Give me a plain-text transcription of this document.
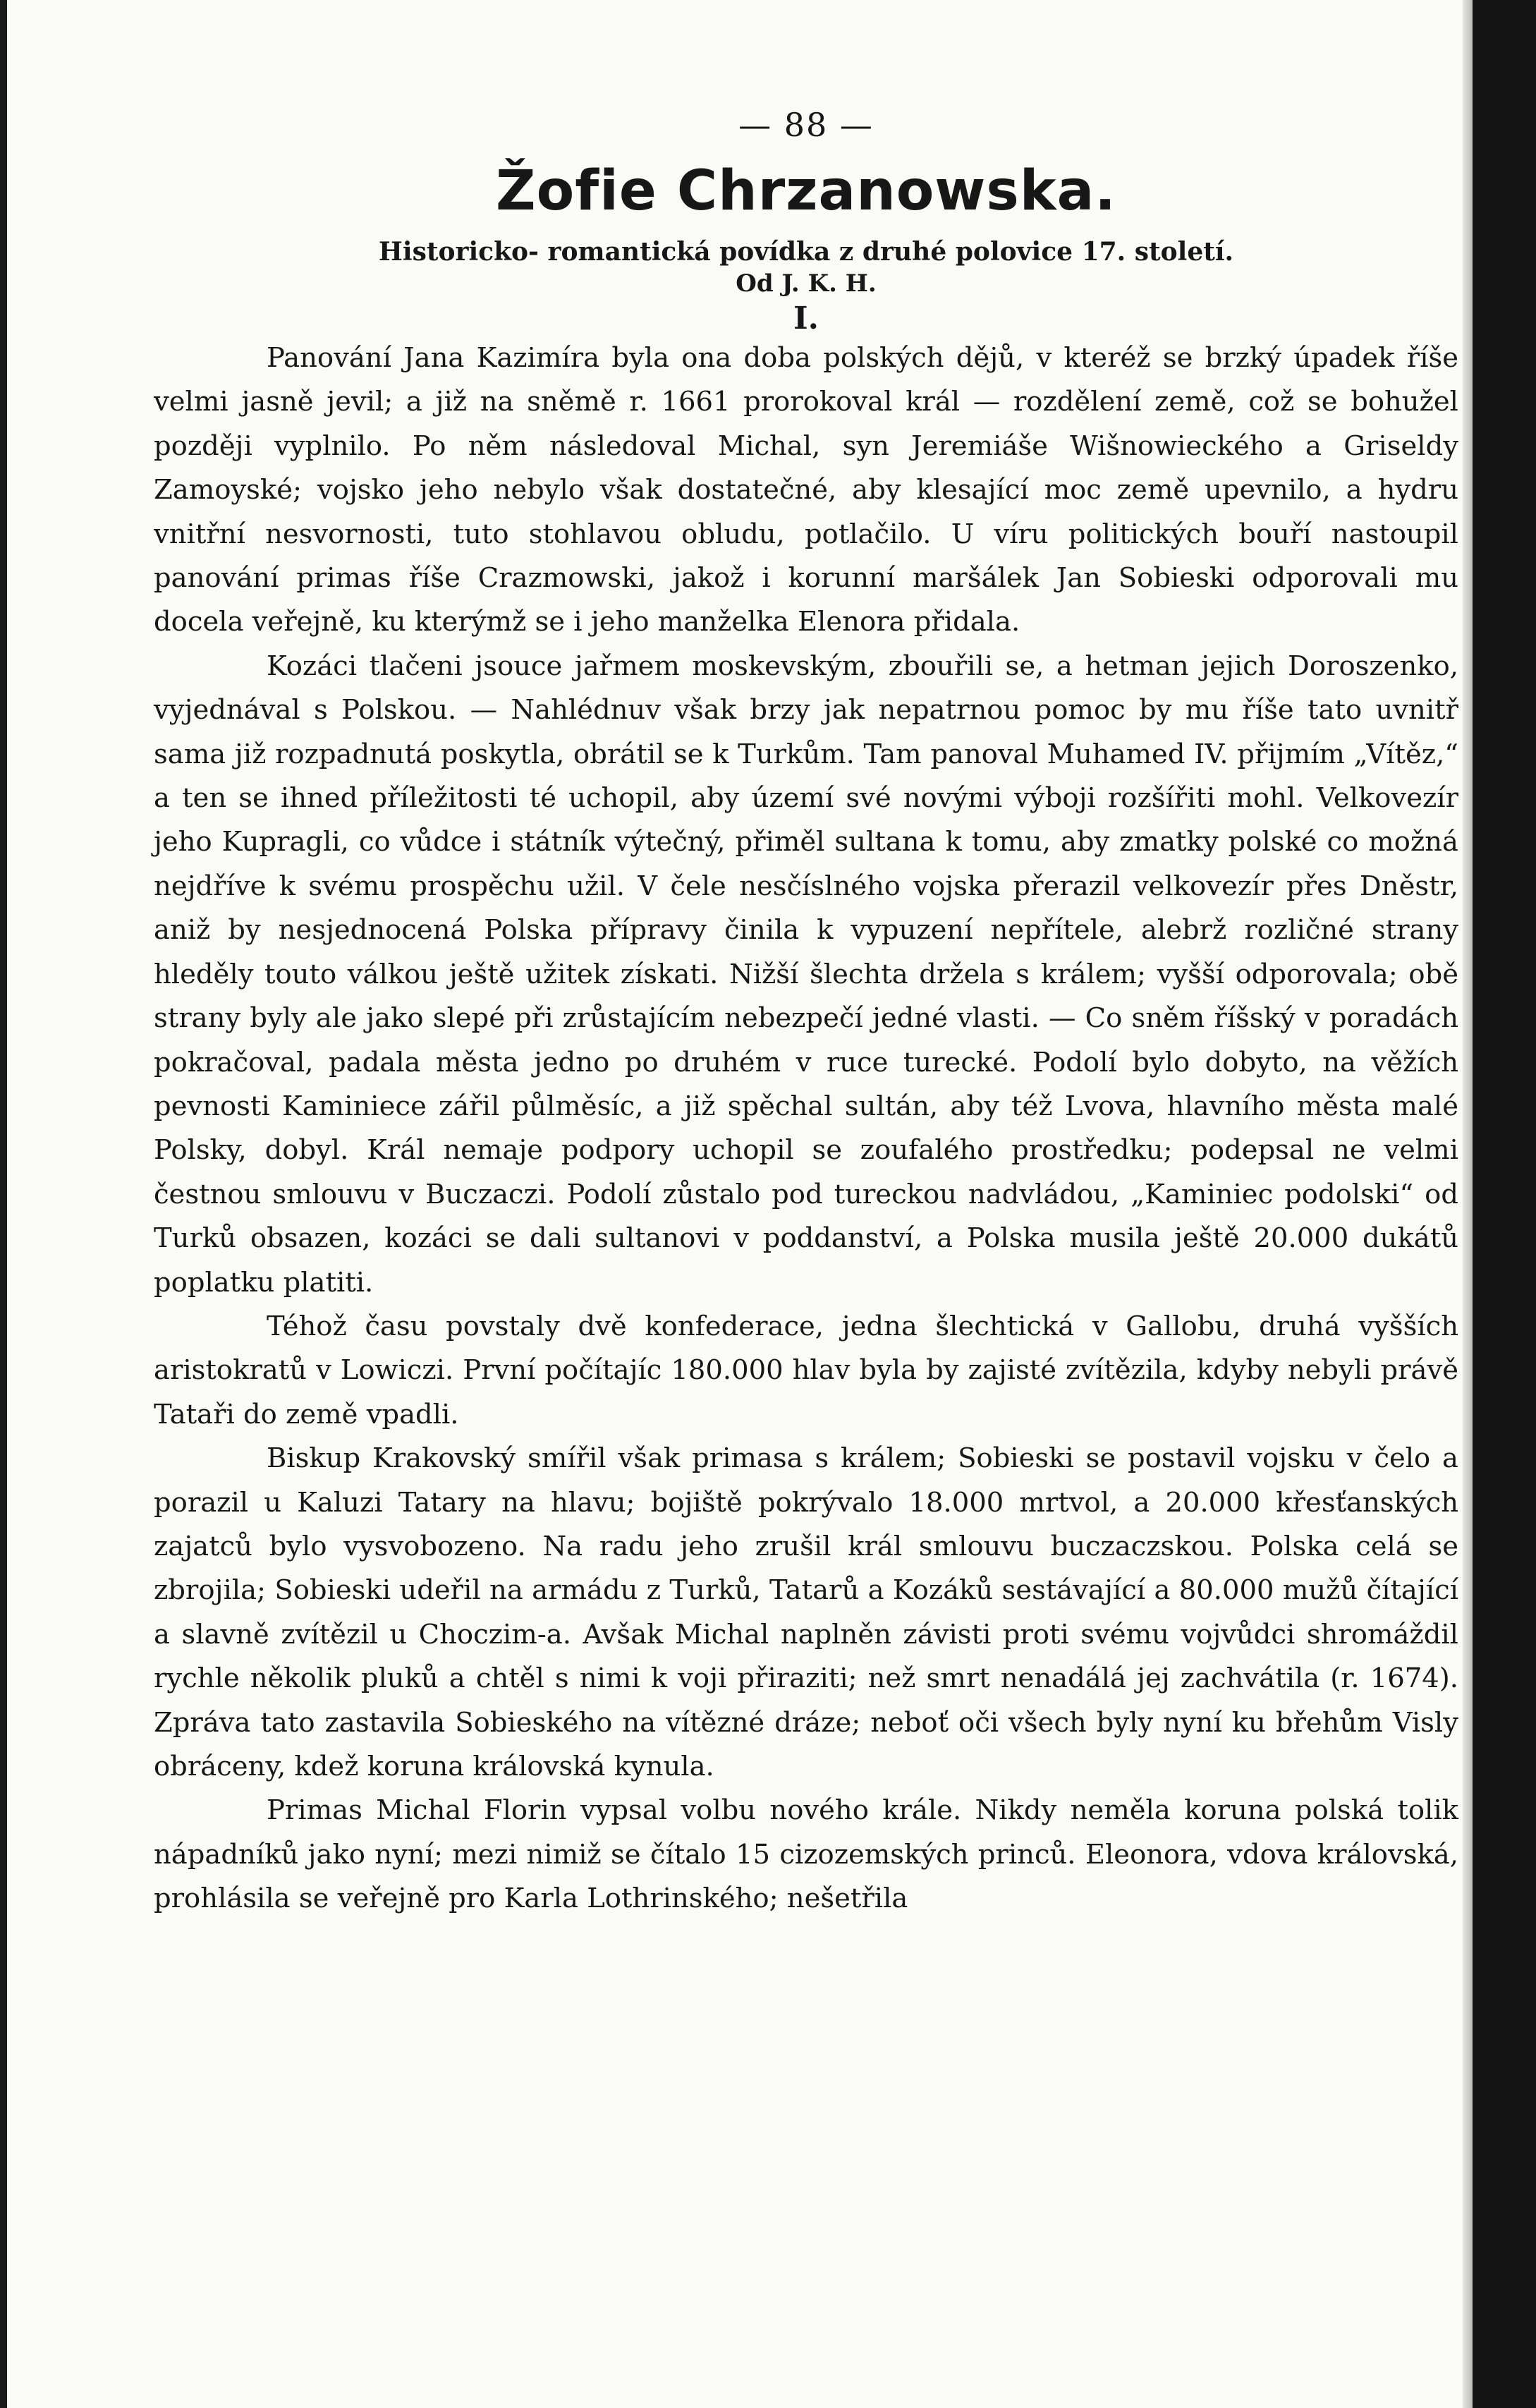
— 88 —
Žofie Chrzanowska.
Historicko- romantická povídka z druhé polovice 17. století.
Od J. K. H.
I.

Panování Jana Kazimíra byla ona doba polských dějů, v kteréž se brzký úpadek říše velmi jasně jevil; a již na sněmě r. 1661 prorokoval král — rozdělení země, což se bohužel později vyplnilo. Po něm následoval Michal, syn Jeremiáše Wišnowieckého a Griseldy Zamoyské; vojsko jeho nebylo však dostatečné, aby klesající moc země upevnilo, a hydru vnitřní nesvornosti, tuto stohlavou obludu, potlačilo. U víru politických bouří nastoupil panování primas říše Crazmowski, jakož i korunní maršálek Jan Sobieski odporovali mu docela veřejně, ku kterýmž se i jeho manželka Elenora přidala.

Kozáci tlačeni jsouce jařmem moskevským, zbouřili se, a hetman jejich Doroszenko, vyjednával s Polskou. — Nahlédnuv však brzy jak nepatrnou pomoc by mu říše tato uvnitř sama již rozpadnutá poskytla, obrátil se k Turkům. Tam panoval Muhamed IV. přijmím „Vítěz,“ a ten se ihned příležitosti té uchopil, aby území své novými výboji rozšířiti mohl. Velkovezír jeho Kupragli, co vůdce i státník výtečný, přiměl sultana k tomu, aby zmatky polské co možná nejdříve k svému prospěchu užil. V čele nesčíslného vojska přerazil velkovezír přes Dněstr, aniž by nesjednocená Polska přípravy činila k vypuzení nepřítele, alebrž rozličné strany hleděly touto válkou ještě užitek získati. Nižší šlechta držela s králem; vyšší odporovala; obě strany byly ale jako slepé při zrůstajícím nebezpečí jedné vlasti. — Co sněm říšský v poradách pokračoval, padala města jedno po druhém v ruce turecké. Podolí bylo dobyto, na věžích pevnosti Kaminiece zářil půlměsíc, a již spěchal sultán, aby též Lvova, hlavního města malé Polsky, dobyl. Král nemaje podpory uchopil se zoufalého prostředku; podepsal ne velmi čestnou smlouvu v Buczaczi. Podolí zůstalo pod tureckou nadvládou, „Kaminiec podolski“ od Turků obsazen, kozáci se dali sultanovi v poddanství, a Polska musila ještě 20.000 dukátů poplatku platiti.

Téhož času povstaly dvě konfederace, jedna šlechtická v Gallobu, druhá vyšších aristokratů v Lowiczi. První počítajíc 180.000 hlav byla by zajisté zvítězila, kdyby nebyli právě Tataři do země vpadli.

Biskup Krakovský smířil však primasa s králem; Sobieski se postavil vojsku v čelo a porazil u Kaluzi Tatary na hlavu; bojiště pokrývalo 18.000 mrtvol, a 20.000 křesťanských zajatců bylo vysvobozeno. Na radu jeho zrušil král smlouvu buczaczskou. Polska celá se zbrojila; Sobieski udeřil na armádu z Turků, Tatarů a Kozáků sestávající a 80.000 mužů čítající a slavně zvítězil u Choczim-a. Avšak Michal naplněn závisti proti svému vojvůdci shromáždil rychle několik pluků a chtěl s nimi k voji přiraziti; než smrt nenadálá jej zachvátila (r. 1674). Zpráva tato zastavila Sobieského na vítězné dráze; neboť oči všech byly nyní ku břehům Visly obráceny, kdež koruna královská kynula.

Primas Michal Florin vypsal volbu nového krále. Nikdy neměla koruna polská tolik nápadníků jako nyní; mezi nimiž se čítalo 15 cizozemských princů. Eleonora, vdova královská, prohlásila se veřejně pro Karla Lothrinského; nešetřila
